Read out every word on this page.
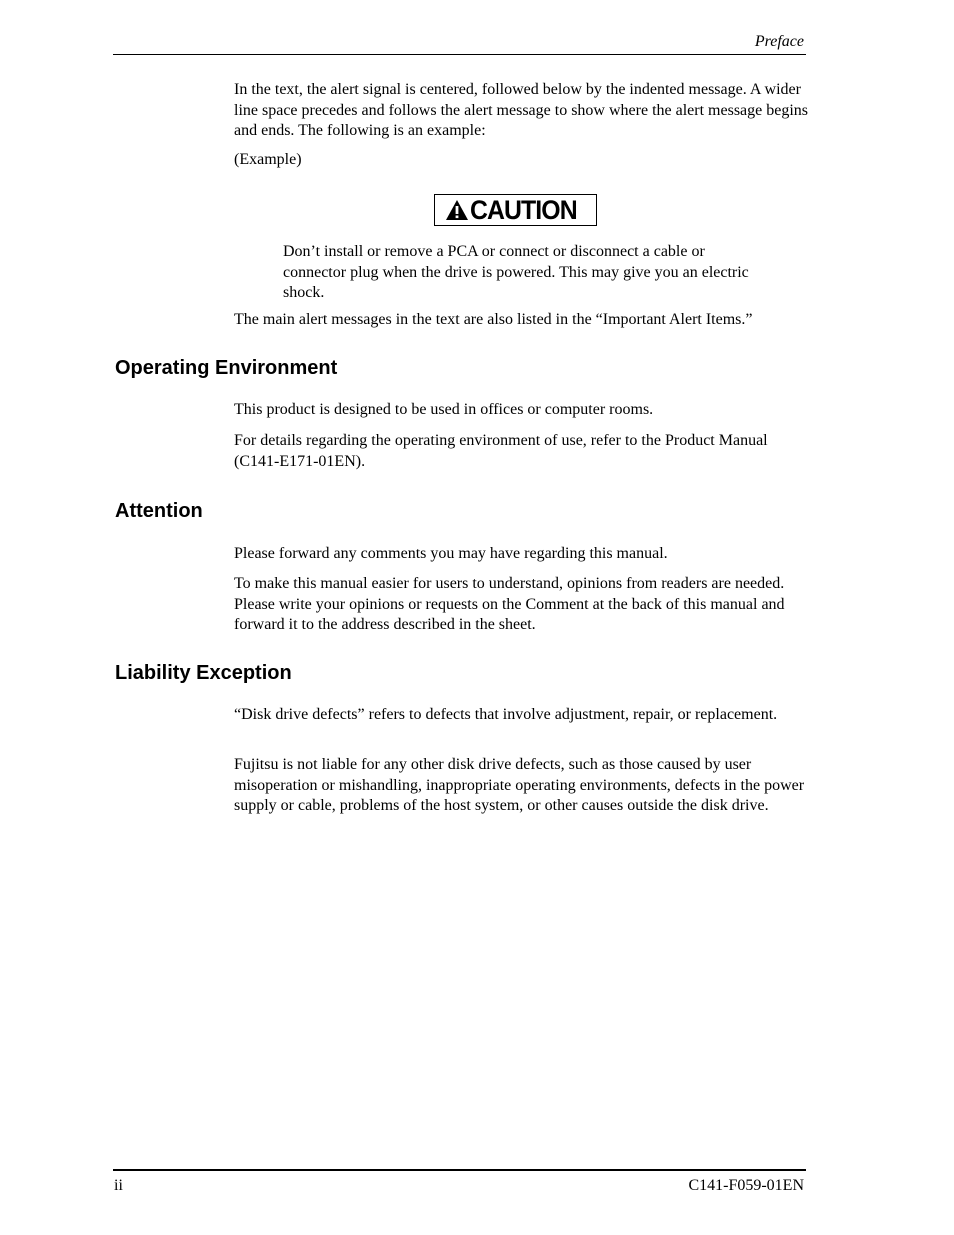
Preface

In the text, the alert signal is centered, followed below by the indented message. A wider line space precedes and follows the alert message to show where the alert message begins and ends. The following is an example:

(Example)

CAUTION

Don’t install or remove a PCA or connect or disconnect a cable or connector plug when the drive is powered. This may give you an electric shock.

The main alert messages in the text are also listed in the “Important Alert Items.”

Operating Environment

This product is designed to be used in offices or computer rooms.

For details regarding the operating environment of use, refer to the Product Manual (C141-E171-01EN).

Attention

Please forward any comments you may have regarding this manual.

To make this manual easier for users to understand, opinions from readers are needed. Please write your opinions or requests on the Comment at the back of this manual and forward it to the address described in the sheet.

Liability Exception

“Disk drive defects” refers to defects that involve adjustment, repair, or replacement.

Fujitsu is not liable for any other disk drive defects, such as those caused by user misoperation or mishandling, inappropriate operating environments, defects in the power supply or cable, problems of the host system, or other causes outside the disk drive.

ii	C141-F059-01EN
